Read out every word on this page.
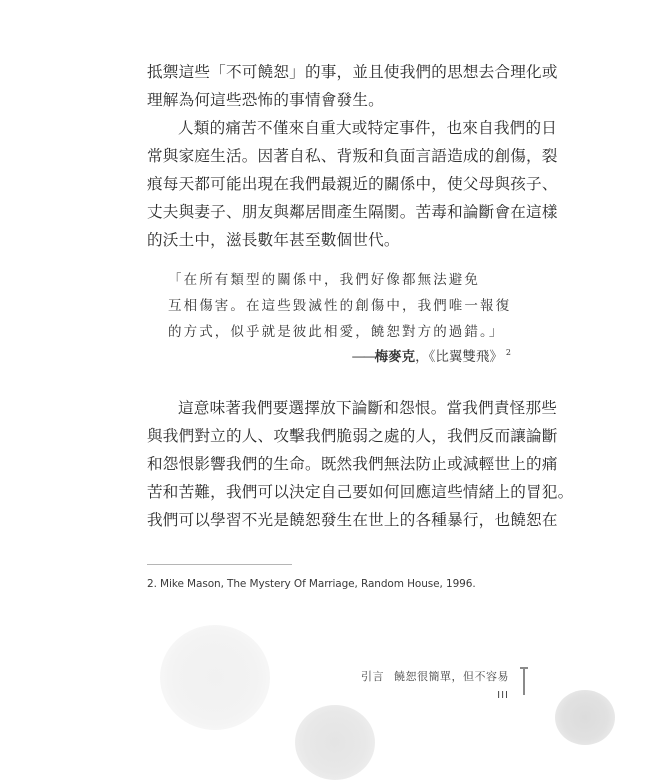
抵禦這些「不可饒恕」的事，並且使我們的思想去合理化或
理解為何這些恐怖的事情會發生。
人類的痛苦不僅來自重大或特定事件，也來自我們的日
常與家庭生活。因著自私、背叛和負面言語造成的創傷，裂
痕每天都可能出現在我們最親近的關係中，使父母與孩子、
丈夫與妻子、朋友與鄰居間產生隔閡。苦毒和論斷會在這樣
的沃土中，滋長數年甚至數個世代。
「在所有類型的關係中，我們好像都無法避免
互相傷害。在這些毀滅性的創傷中，我們唯一報復
的方式，似乎就是彼此相愛，饒恕對方的過錯。」
——梅麥克，《比翼雙飛》 $^2$
這意味著我們要選擇放下論斷和怨恨。當我們責怪那些
與我們對立的人、攻擊我們脆弱之處的人，我們反而讓論斷
和怨恨影響我們的生命。既然我們無法防止或減輕世上的痛
苦和苦難，我們可以決定自己要如何回應這些情緒上的冒犯。
我們可以學習不光是饒恕發生在世上的各種暴行，也饒恕在
2. Mike Mason, The Mystery Of Marriage, Random House, 1996.
引言 饒恕很簡單，但不容易
III
